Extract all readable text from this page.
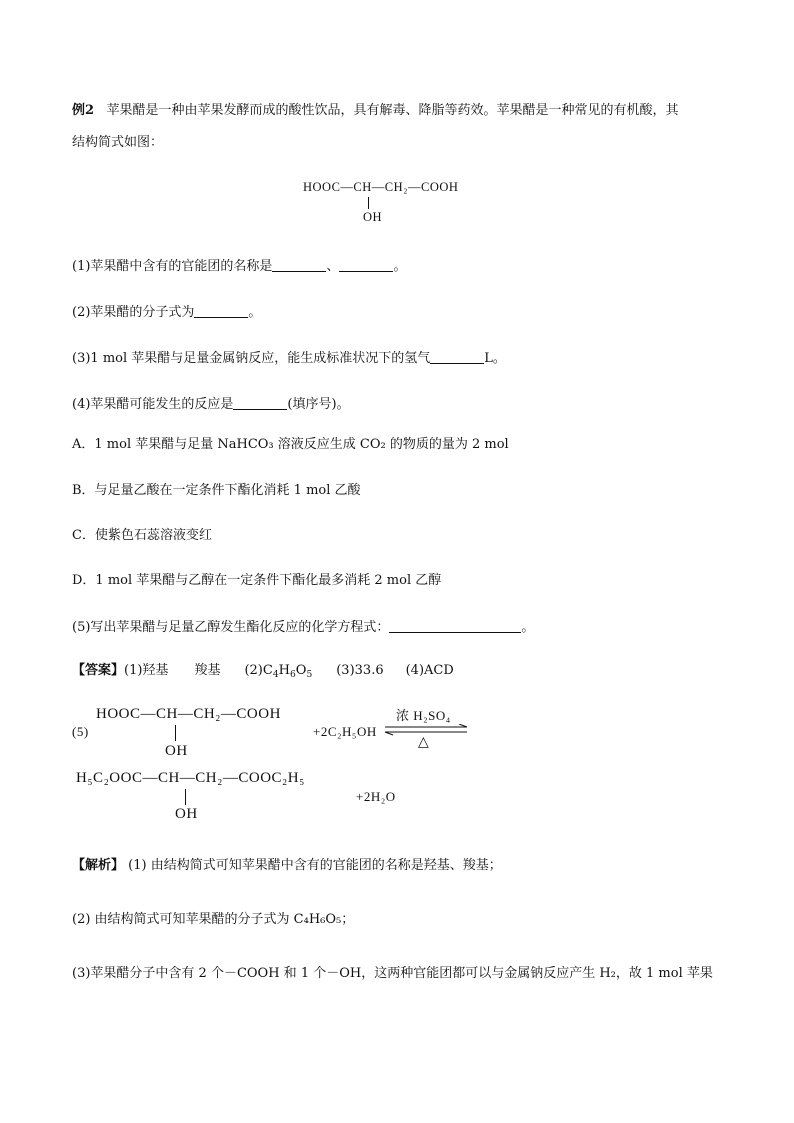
例2 苹果醋是一种由苹果发酵而成的酸性饮品，具有解毒、降脂等药效。苹果醋是一种常见的有机酸，其
结构简式如图：
HOOC—CH—CH₂—COOH
OH
(1)苹果醋中含有的官能团的名称是	、	。
(2)苹果醋的分子式为	。
(3)1 mol 苹果醋与足量金属钠反应，能生成标准状况下的氢气	L。
(4)苹果醋可能发生的反应是	(填序号)。
A．1 mol 苹果醋与足量 NaHCO₃ 溶液反应生成 CO₂ 的物质的量为 2 mol
B．与足量乙酸在一定条件下酯化消耗 1 mol 乙酸
C．使紫色石蕊溶液变红
D．1 mol 苹果醋与乙醇在一定条件下酯化最多消耗 2 mol 乙醇
(5)写出苹果醋与足量乙醇发生酯化反应的化学方程式：	。
【答案】(1)羟基 羧基 $(2)C_4H_6O_5$ (3)33.6 (4)ACD
(5)
HOOC—CH—CH₂—COOH
OH
+2C₂H₅OH
浓 H₂SO₄
△
H₅C₂OOC—CH—CH₂—COOC₂H₅
OH
+2H₂O
【解析】 (1) 由结构简式可知苹果醋中含有的官能团的名称是羟基、羧基；
(2) 由结构简式可知苹果醋的分子式为 C₄H₆O₅；
(3)苹果醋分子中含有 2 个－COOH 和 1 个－OH，这两种官能团都可以与金属钠反应产生 H₂，故 1 mol 苹果
